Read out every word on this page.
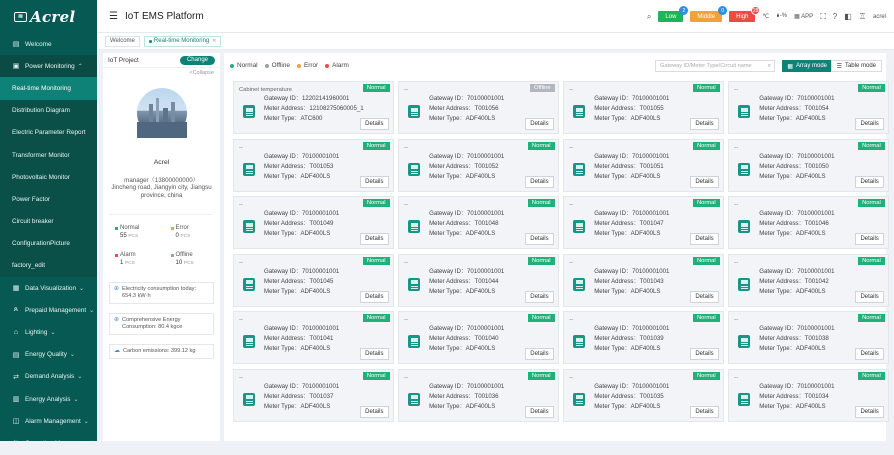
≋ Acrel
▤ Welcome
▣ Power Monitoring ⌃
Real-time Monitoring
Distribution Diagram
Electric Parameter Report
Transformer Monitor
Photovoltaic Monitor
Power Factor
Circuit breaker
ConfigurationPicture
factory_edit
▦ Data Visualization ⌄
ጰ	Prepaid Management ⌄
⌂	Lighting ⌄
▤ Energy Quality ⌄
⇄ Demand Analysis ⌄
▥ Energy Analysis ⌄
◫ Alarm Management ⌄
↯ Operation Management
☰ IoT EMS Platform	⌕ Low
2
Middle
0
High
28
℃ 🌢-% ▦ APP ⛶ ? ◧ ♖ acrel
Welcome	Real-time Monitoring ✕
IoT Project	Change
<Collapse
Acrel
manager（13800000000）
Jincheng road, Jiangyin city, Jiangsu province, china
Normal
55 PCS
Error
0 PCS
Alarm
1 PCS
Offline
10 PCS
⊕ Electricity consumption today: 654.3 kW·h
⊕ Comprehensive Energy Consumption: 80.4 kgce
☁ Carbon emissions: 399.12 kg
Normal Offline Error Alarm	Gateway ID/Meter Type/Circuit name	⌕	▦ Array mode ☰ Table mode
Cabinet temperature	Normal
Gateway ID：12202141960001
Meter Address：12108275060005_1
Meter Type：ATC600
Details
--	Offline
Gateway ID：70100001001
Meter Address：T001056
Meter Type：ADF400LS
Details
--	Normal
Gateway ID：70100001001
Meter Address：T001055
Meter Type：ADF400LS
Details
--	Normal
Gateway ID：70100001001
Meter Address：T001054
Meter Type：ADF400LS
Details
--	Normal
Gateway ID：70100001001
Meter Address：T001053
Meter Type：ADF400LS
Details
--	Normal
Gateway ID：70100001001
Meter Address：T001052
Meter Type：ADF400LS
Details
--	Normal
Gateway ID：70100001001
Meter Address：T001051
Meter Type：ADF400LS
Details
--	Normal
Gateway ID：70100001001
Meter Address：T001050
Meter Type：ADF400LS
Details
--	Normal
Gateway ID：70100001001
Meter Address：T001049
Meter Type：ADF400LS
Details
--	Normal
Gateway ID：70100001001
Meter Address：T001048
Meter Type：ADF400LS
Details
--	Normal
Gateway ID：70100001001
Meter Address：T001047
Meter Type：ADF400LS
Details
--	Normal
Gateway ID：70100001001
Meter Address：T001046
Meter Type：ADF400LS
Details
--	Normal
Gateway ID：70100001001
Meter Address：T001045
Meter Type：ADF400LS
Details
--	Normal
Gateway ID：70100001001
Meter Address：T001044
Meter Type：ADF400LS
Details
--	Normal
Gateway ID：70100001001
Meter Address：T001043
Meter Type：ADF400LS
Details
--	Normal
Gateway ID：70100001001
Meter Address：T001042
Meter Type：ADF400LS
Details
--	Normal
Gateway ID：70100001001
Meter Address：T001041
Meter Type：ADF400LS
Details
--	Normal
Gateway ID：70100001001
Meter Address：T001040
Meter Type：ADF400LS
Details
--	Normal
Gateway ID：70100001001
Meter Address：T001039
Meter Type：ADF400LS
Details
--	Normal
Gateway ID：70100001001
Meter Address：T001038
Meter Type：ADF400LS
Details
--	Normal
Gateway ID：70100001001
Meter Address：T001037
Meter Type：ADF400LS
Details
--	Normal
Gateway ID：70100001001
Meter Address：T001036
Meter Type：ADF400LS
Details
--	Normal
Gateway ID：70100001001
Meter Address：T001035
Meter Type：ADF400LS
Details
--	Normal
Gateway ID：70100001001
Meter Address：T001034
Meter Type：ADF400LS
Details
